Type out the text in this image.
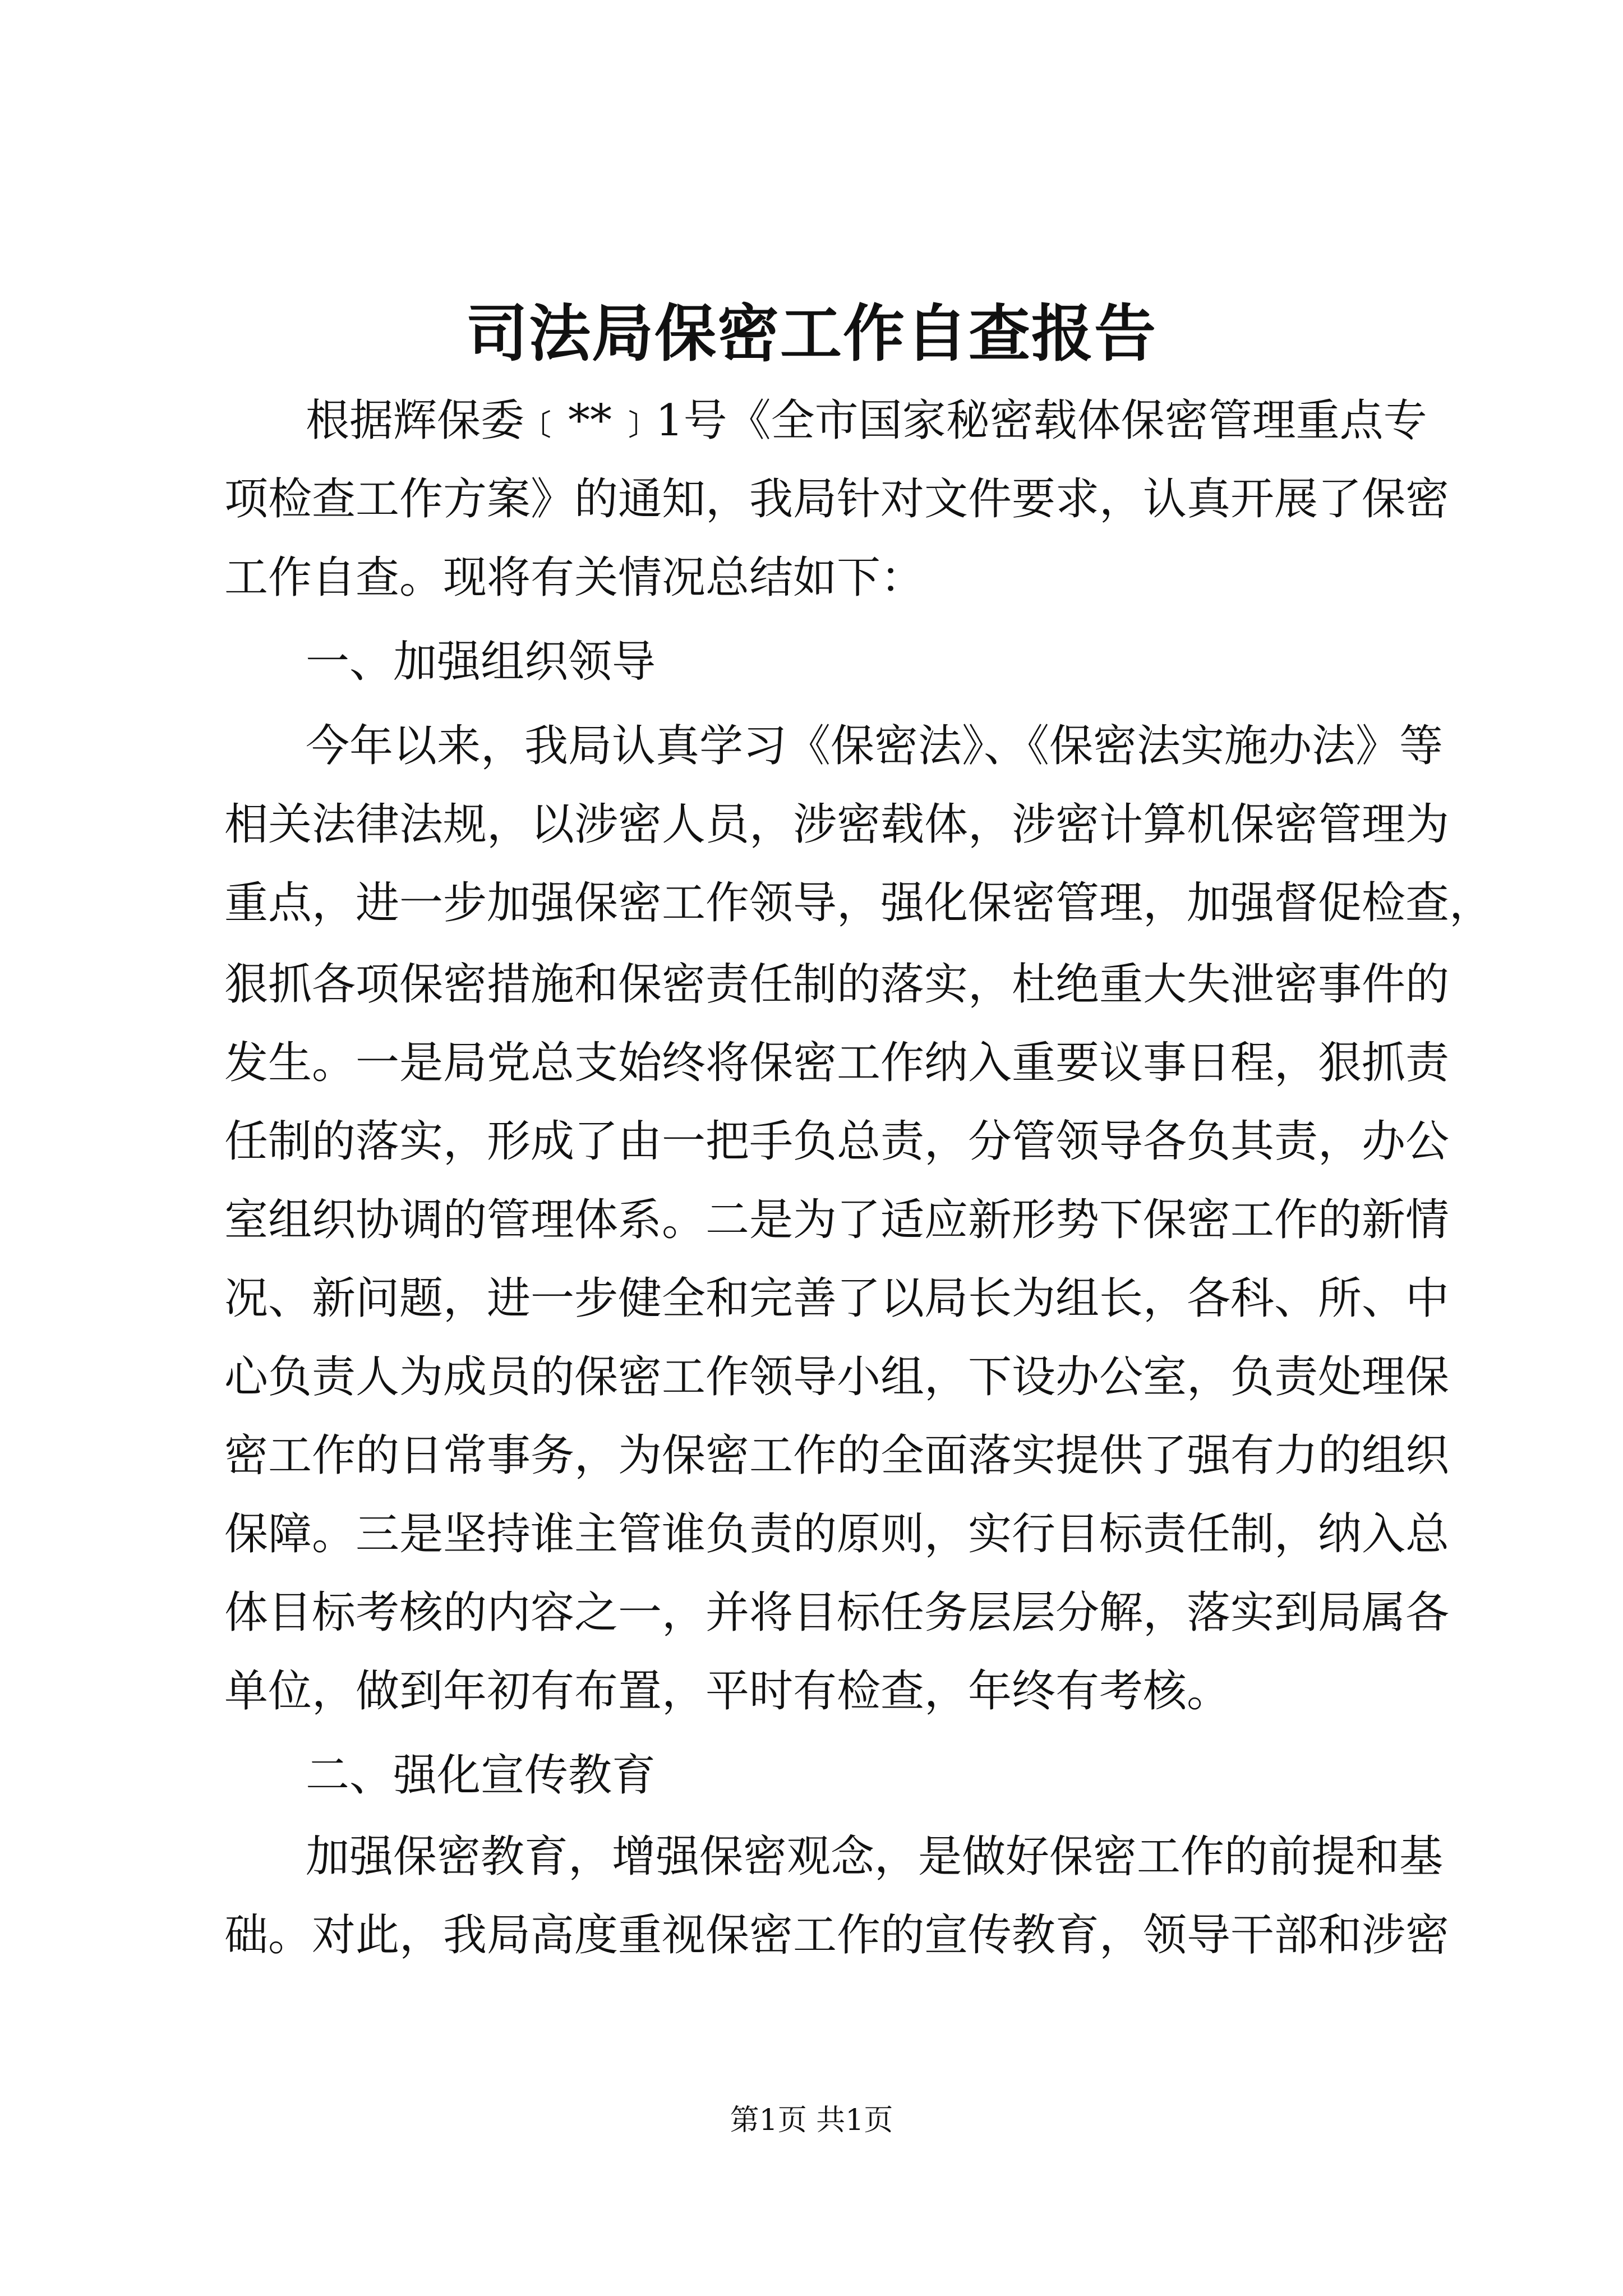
司法局保密工作自查报告
根据辉保委﹝**﹞1号《全市国家秘密载体保密管理重点专
项检查工作方案》的通知，我局针对文件要求，认真开展了保密
工作自查。现将有关情况总结如下：
一、加强组织领导
今年以来，我局认真学习《保密法》、《保密法实施办法》等
相关法律法规，以涉密人员，涉密载体，涉密计算机保密管理为
重点，进一步加强保密工作领导，强化保密管理，加强督促检查，
狠抓各项保密措施和保密责任制的落实，杜绝重大失泄密事件的
发生。一是局党总支始终将保密工作纳入重要议事日程，狠抓责
任制的落实，形成了由一把手负总责，分管领导各负其责，办公
室组织协调的管理体系。二是为了适应新形势下保密工作的新情
况、新问题，进一步健全和完善了以局长为组长，各科、所、中
心负责人为成员的保密工作领导小组，下设办公室，负责处理保
密工作的日常事务，为保密工作的全面落实提供了强有力的组织
保障。三是坚持谁主管谁负责的原则，实行目标责任制，纳入总
体目标考核的内容之一，并将目标任务层层分解，落实到局属各
单位，做到年初有布置，平时有检查，年终有考核。
二、强化宣传教育
加强保密教育，增强保密观念，是做好保密工作的前提和基
础。对此，我局高度重视保密工作的宣传教育，领导干部和涉密
第1页 共1页
